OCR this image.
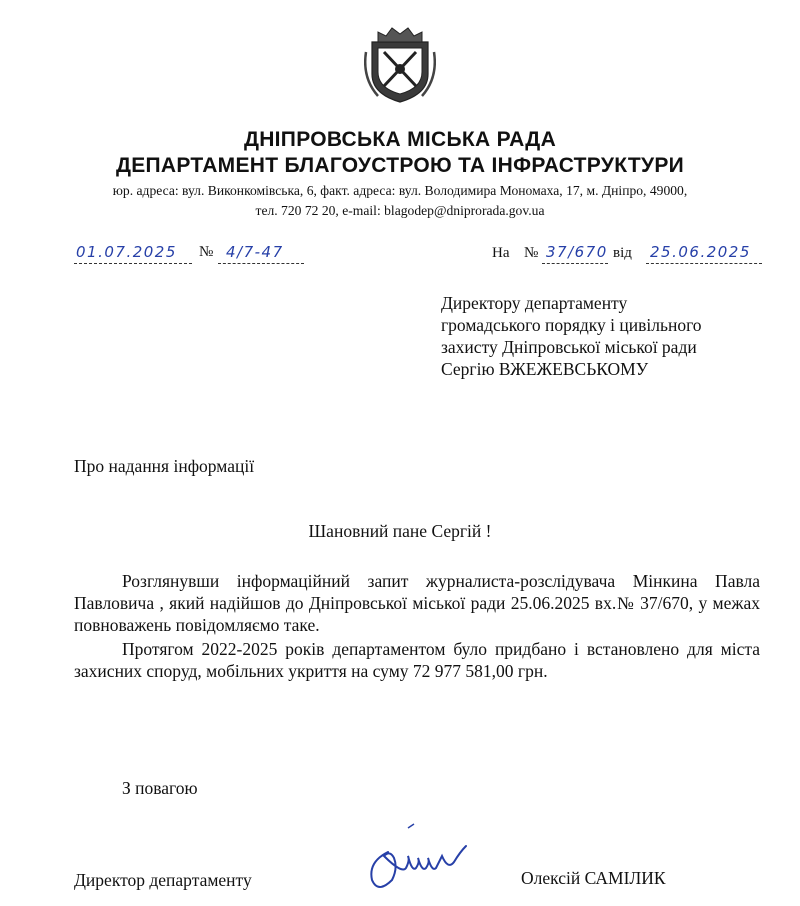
ДНІПРОВСЬКА МІСЬКА РАДА
ДЕПАРТАМЕНТ БЛАГОУСТРОЮ ТА ІНФРАСТРУКТУРИ
юр. адреса: вул. Виконкомівська, 6, факт. адреса: вул. Володимира Мономаха, 17, м. Дніпро, 49000,
тел. 720 72 20, e-mail: blagodep@dniprorada.gov.ua
01.07.2025 № 4/7-47	На № 37/670 від 25.06.2025
Директору департаменту
громадського порядку і цивільного
захисту Дніпровської міської ради
Сергію ВЖЕЖЕВСЬКОМУ
Про надання інформації
Шановний пане Сергій !
Розглянувши інформаційний запит журналиста-розслідувача Мінкина Павла Павловича , який надійшов до Дніпровської міської ради 25.06.2025 вх.№ 37/670, у межах повноважень повідомляємо таке.
Протягом 2022-2025 років департаментом було придбано і встановлено для міста захисних споруд, мобільних укриття на суму 72 977 581,00 грн.
З повагою
Директор департаменту	Олексій САМІЛИК
